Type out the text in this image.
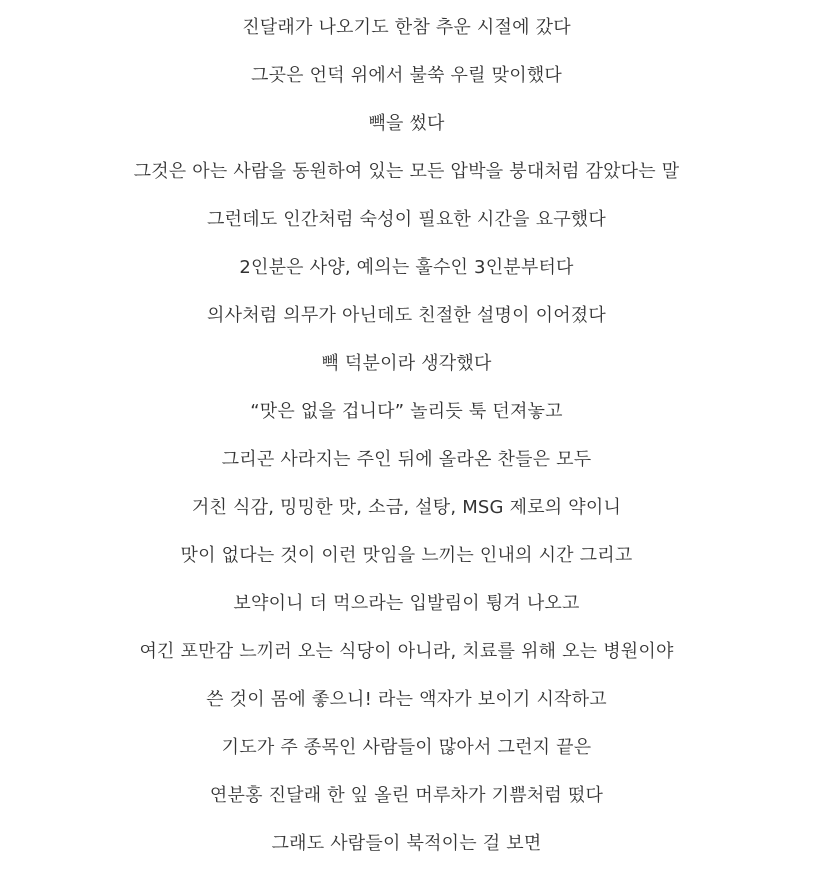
진달래가 나오기도 한참 추운 시절에 갔다
그곳은 언덕 위에서 불쑥 우릴 맞이했다
빽을 썼다
그것은 아는 사람을 동원하여 있는 모든 압박을 붕대처럼 감았다는 말
그런데도 인간처럼 숙성이 필요한 시간을 요구했다
2인분은 사양, 예의는 훌수인 3인분부터다
의사처럼 의무가 아닌데도 친절한 설명이 이어졌다
빽 덕분이라 생각했다
“맛은 없을 겁니다” 놀리듯 툭 던져놓고
그리곤 사라지는 주인 뒤에 올라온 찬들은 모두
거친 식감, 밍밍한 맛, 소금, 설탕, MSG 제로의 약이니
맛이 없다는 것이 이런 맛임을 느끼는 인내의 시간 그리고
보약이니 더 먹으라는 입발림이 튕겨 나오고
여긴 포만감 느끼러 오는 식당이 아니라, 치료를 위해 오는 병원이야
쓴 것이 몸에 좋으니! 라는 액자가 보이기 시작하고
기도가 주 종목인 사람들이 많아서 그런지 끝은
연분홍 진달래 한 잎 올린 머루차가 기쁨처럼 떴다
그래도 사람들이 북적이는 걸 보면
